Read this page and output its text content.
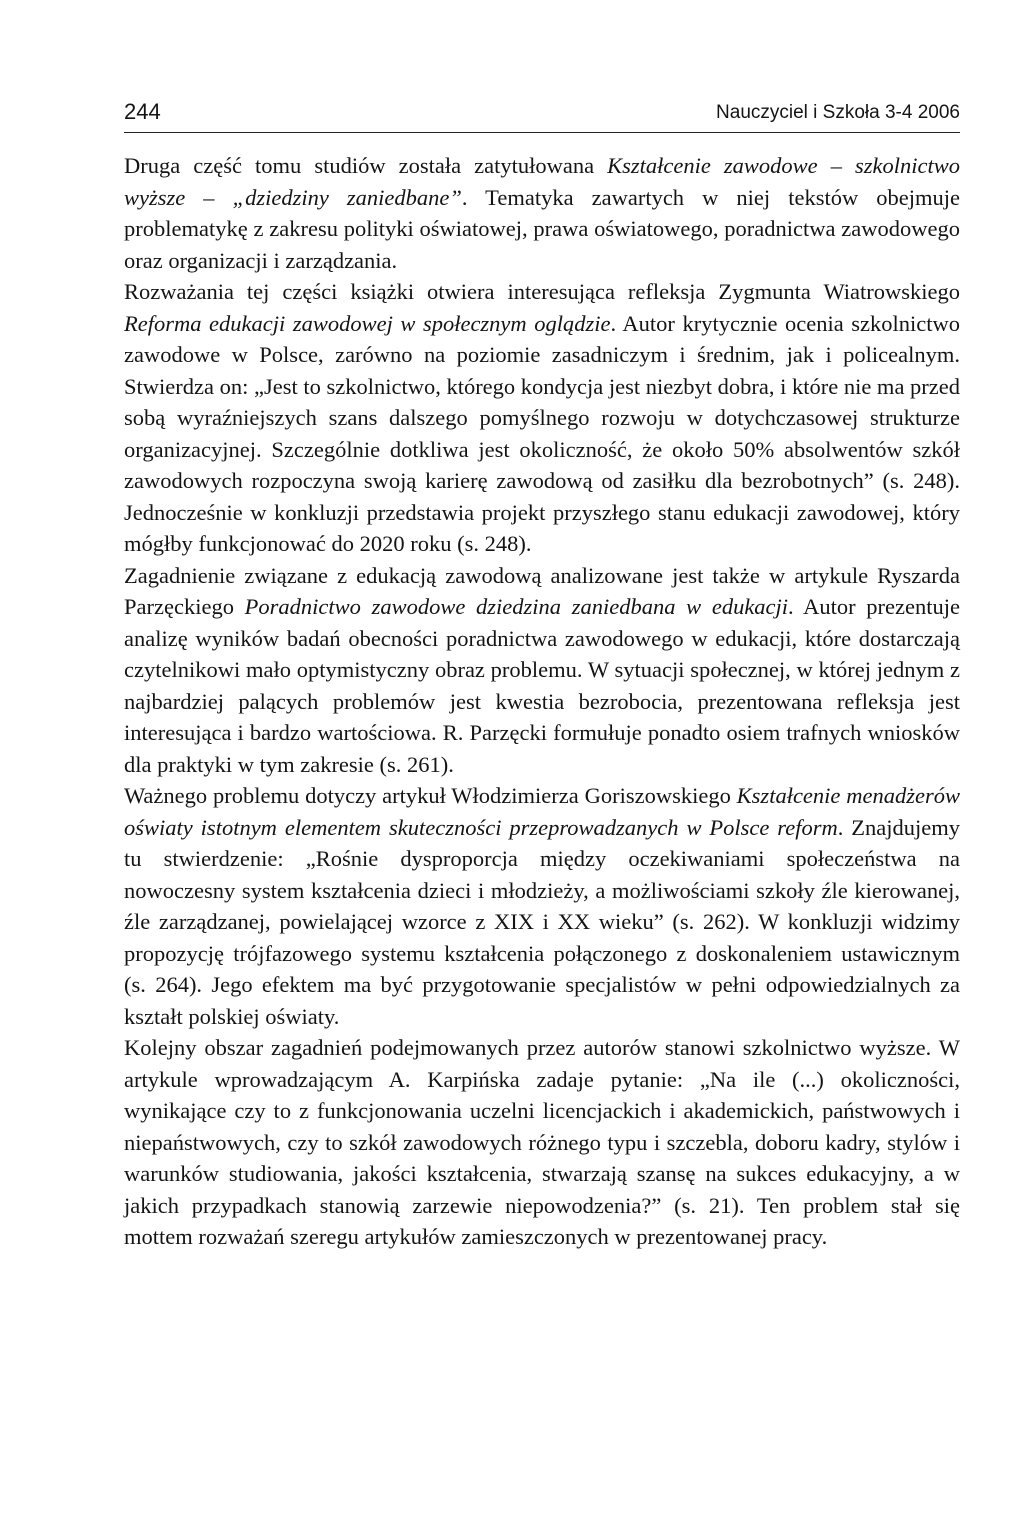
244	Nauczyciel i Szkoła 3-4 2006

Druga część tomu studiów została zatytułowana Kształcenie zawodowe – szkolnictwo wyższe – „dziedziny zaniedbane”. Tematyka zawartych w niej tekstów obejmuje problematykę z zakresu polityki oświatowej, prawa oświatowego, poradnictwa zawodowego oraz organizacji i zarządzania.

Rozważania tej części książki otwiera interesująca refleksja Zygmunta Wiatrowskiego Reforma edukacji zawodowej w społecznym oglądzie. Autor krytycznie ocenia szkolnictwo zawodowe w Polsce, zarówno na poziomie zasadniczym i średnim, jak i policealnym. Stwierdza on: „Jest to szkolnictwo, którego kondycja jest niezbyt dobra, i które nie ma przed sobą wyraźniejszych szans dalszego pomyślnego rozwoju w dotychczasowej strukturze organizacyjnej. Szczególnie dotkliwa jest okoliczność, że około 50% absolwentów szkół zawodowych rozpoczyna swoją karierę zawodową od zasiłku dla bezrobotnych” (s. 248). Jednocześnie w konkluzji przedstawia projekt przyszłego stanu edukacji zawodowej, który mógłby funkcjonować do 2020 roku (s. 248).

Zagadnienie związane z edukacją zawodową analizowane jest także w artykule Ryszarda Parzęckiego Poradnictwo zawodowe dziedzina zaniedbana w edukacji. Autor prezentuje analizę wyników badań obecności poradnictwa zawodowego w edukacji, które dostarczają czytelnikowi mało optymistyczny obraz problemu. W sytuacji społecznej, w której jednym z najbardziej palących problemów jest kwestia bezrobocia, prezentowana refleksja jest interesująca i bardzo wartościowa. R. Parzęcki formułuje ponadto osiem trafnych wniosków dla praktyki w tym zakresie (s. 261).

Ważnego problemu dotyczy artykuł Włodzimierza Goriszowskiego Kształcenie menadżerów oświaty istotnym elementem skuteczności przeprowadzanych w Polsce reform. Znajdujemy tu stwierdzenie: „Rośnie dysproporcja między oczekiwaniami społeczeństwa na nowoczesny system kształcenia dzieci i młodzieży, a możliwościami szkoły źle kierowanej, źle zarządzanej, powielającej wzorce z XIX i XX wieku” (s. 262). W konkluzji widzimy propozycję trójfazowego systemu kształcenia połączonego z doskonaleniem ustawicznym (s. 264). Jego efektem ma być przygotowanie specjalistów w pełni odpowiedzialnych za kształt polskiej oświaty.

Kolejny obszar zagadnień podejmowanych przez autorów stanowi szkolnictwo wyższe. W artykule wprowadzającym A. Karpińska zadaje pytanie: „Na ile (...) okoliczności, wynikające czy to z funkcjonowania uczelni licencjackich i akademickich, państwowych i niepaństwowych, czy to szkół zawodowych różnego typu i szczebla, doboru kadry, stylów i warunków studiowania, jakości kształcenia, stwarzają szansę na sukces edukacyjny, a w jakich przypadkach stanowią zarzewie niepowodzenia?” (s. 21). Ten problem stał się mottem rozważań szeregu artykułów zamieszczonych w prezentowanej pracy.
